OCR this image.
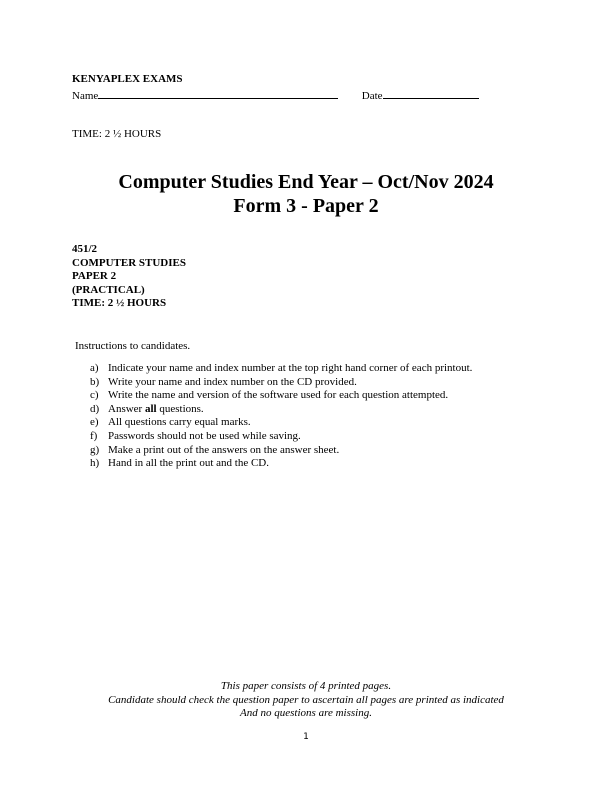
KENYAPLEX EXAMS
Name	Date
TIME: 2 ½ HOURS
Computer Studies End Year – Oct/Nov 2024
Form 3 - Paper 2
451/2
COMPUTER STUDIES
PAPER 2
(PRACTICAL)
TIME: 2 ½ HOURS
Instructions to candidates.
a) Indicate your name and index number at the top right hand corner of each printout.
b) Write your name and index number on the CD provided.
c) Write the name and version of the software used for each question attempted.
d) Answer all questions.
e) All questions carry equal marks.
f) Passwords should not be used while saving.
g) Make a print out of the answers on the answer sheet.
h) Hand in all the print out and the CD.
This paper consists of 4 printed pages.
Candidate should check the question paper to ascertain all pages are printed as indicated
And no questions are missing.
1
